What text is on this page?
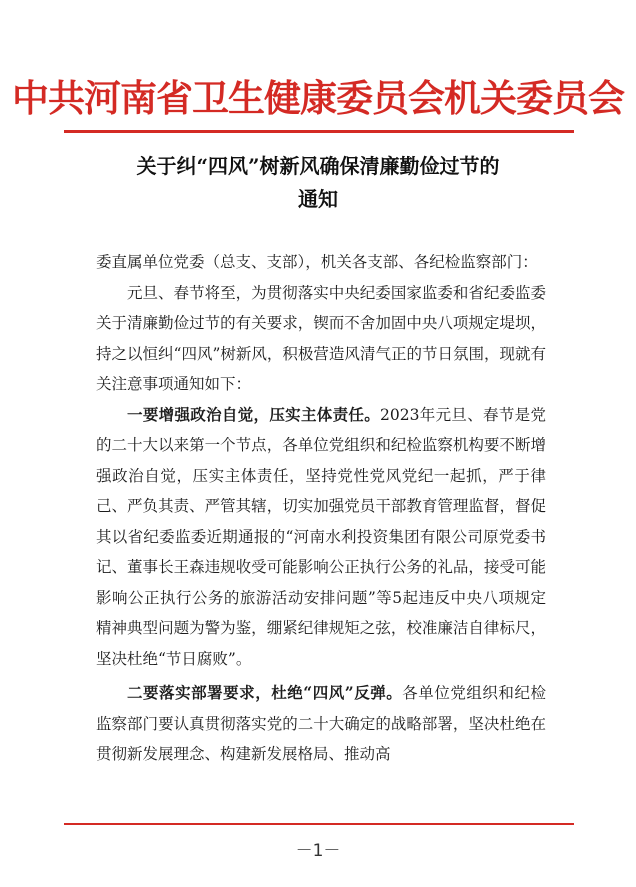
中共河南省卫生健康委员会机关委员会
关于纠“四风”树新风确保清廉勤俭过节的
通知

委直属单位党委（总支、支部），机关各支部、各纪检监察部门：

元旦、春节将至，为贯彻落实中央纪委国家监委和省纪委监委关于清廉勤俭过节的有关要求，锲而不舍加固中央八项规定堤坝，持之以恒纠“四风”树新风，积极营造风清气正的节日氛围，现就有关注意事项通知如下：

一要增强政治自觉，压实主体责任。2023年元旦、春节是党的二十大以来第一个节点，各单位党组织和纪检监察机构要不断增强政治自觉，压实主体责任，坚持党性党风党纪一起抓，严于律己、严负其责、严管其辖，切实加强党员干部教育管理监督，督促其以省纪委监委近期通报的“河南水利投资集团有限公司原党委书记、董事长王森违规收受可能影响公正执行公务的礼品，接受可能影响公正执行公务的旅游活动安排问题”等5起违反中央八项规定精神典型问题为警为鉴，绷紧纪律规矩之弦，校准廉洁自律标尺，坚决杜绝“节日腐败”。

二要落实部署要求，杜绝“四风”反弹。各单位党组织和纪检监察部门要认真贯彻落实党的二十大确定的战略部署，坚决杜绝在贯彻新发展理念、构建新发展格局、推动高

－1－
